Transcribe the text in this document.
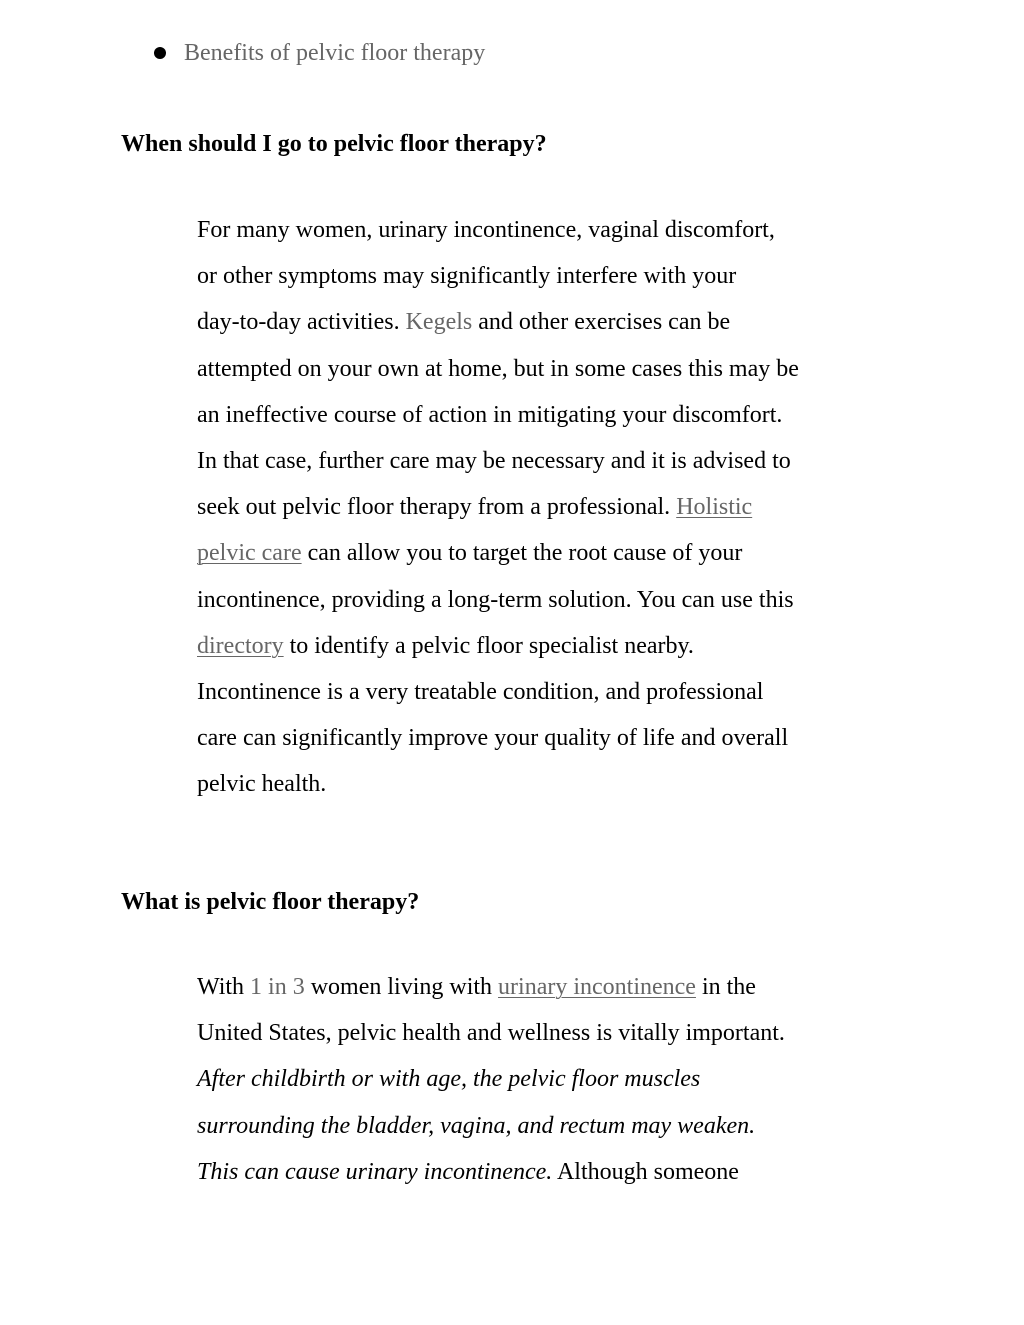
Benefits of pelvic floor therapy
When should I go to pelvic floor therapy?
For many women, urinary incontinence, vaginal discomfort,
or other symptoms may significantly interfere with your
day-to-day activities. Kegels and other exercises can be
attempted on your own at home, but in some cases this may be
an ineffective course of action in mitigating your discomfort.
In that case, further care may be necessary and it is advised to
seek out pelvic floor therapy from a professional. Holistic
pelvic care can allow you to target the root cause of your
incontinence, providing a long-term solution. You can use this
directory to identify a pelvic floor specialist nearby.
Incontinence is a very treatable condition, and professional
care can significantly improve your quality of life and overall
pelvic health.
What is pelvic floor therapy?
With 1 in 3 women living with urinary incontinence in the
United States, pelvic health and wellness is vitally important.
After childbirth or with age, the pelvic floor muscles
surrounding the bladder, vagina, and rectum may weaken.
This can cause urinary incontinence. Although someone
